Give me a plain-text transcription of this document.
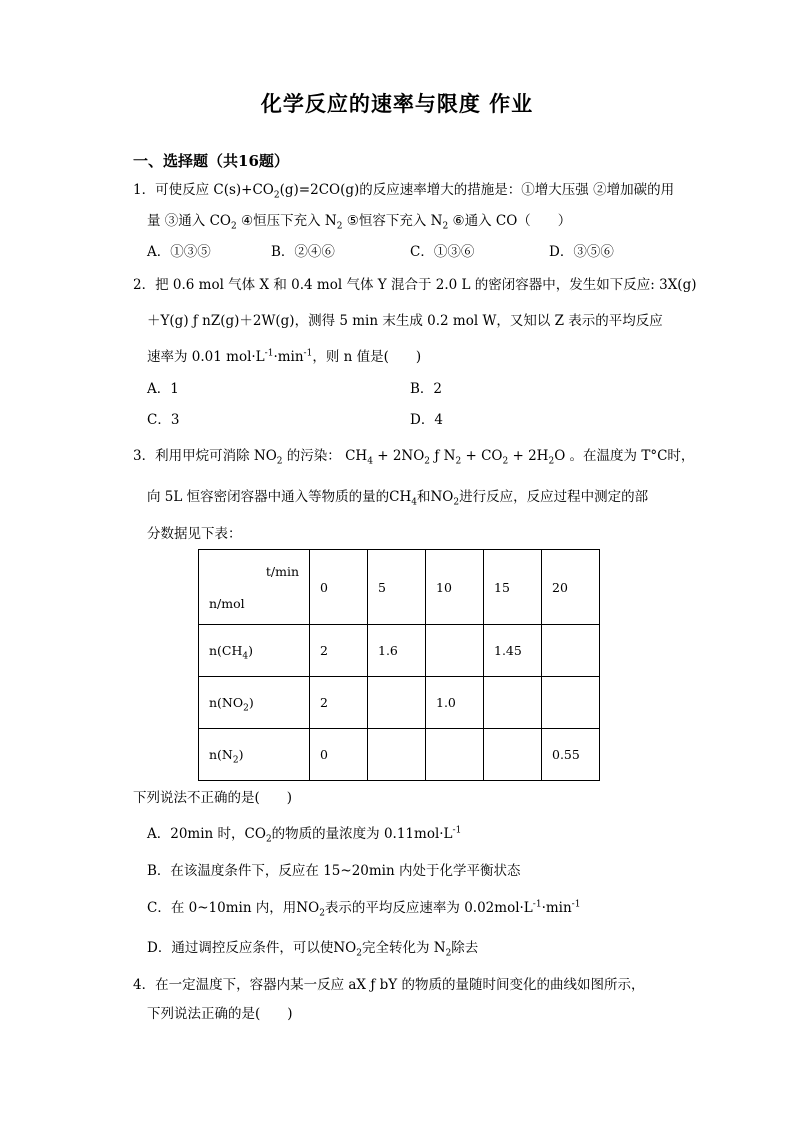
化学反应的速率与限度 作业
一、选择题（共16题）
1．可使反应 $C(s)+CO_2(g)=2CO(g)$的反应速率增大的措施是：①增大压强 ②增加碳的用
量 ③通入 $CO_2$ ④恒压下充入 $N_2$ ⑤恒容下充入 $N_2$ ⑥通入 CO（　　）
A．①③⑤	B．②④⑥	C．①③⑥	D．③⑤⑥
2．把 0.6 mol 气体 X 和 0.4 mol 气体 Y 混合于 2.0 L 的密闭容器中，发生如下反应: 3X(g)
＋Y(g) ƒ nZ(g)＋2W(g)，测得 5 min 末生成 0.2 mol W，又知以 Z 表示的平均反应
速率为 0.01 $mol\cdot L^{-1}\cdot\min^{-1}$，则 n 值是(　　)
A．1	B．2
C．3	D．4
3．利用甲烷可消除 $NO_2$ 的污染： $CH_4 + 2NO_2$ ƒ $N_2 + CO_2 + 2H_2O$ 。在温度为 T°C时，
向 5L 恒容密闭容器中通入等物质的量的$CH_4$和$NO_2$进行反应，反应过程中测定的部
分数据见下表：
t/min
n/mol	0	5	10	15	20
$n(CH_4)$	2	1.6		1.45	
$n(NO_2)$	2		1.0		
$n(N_2)$	0				0.55
下列说法不正确的是(　　)
A．20min 时，$CO_2$的物质的量浓度为 $0.11mol\cdot L^{-1}$
B．在该温度条件下，反应在 15~20min 内处于化学平衡状态
C．在 0~10min 内，用$NO_2$表示的平均反应速率为 $0.02mol\cdot L^{-1}\cdot\min^{-1}$
D．通过调控反应条件，可以使$NO_2$完全转化为 $N_2$除去
4．在一定温度下，容器内某一反应 aX ƒ bY 的物质的量随时间变化的曲线如图所示，
下列说法正确的是(　　)
